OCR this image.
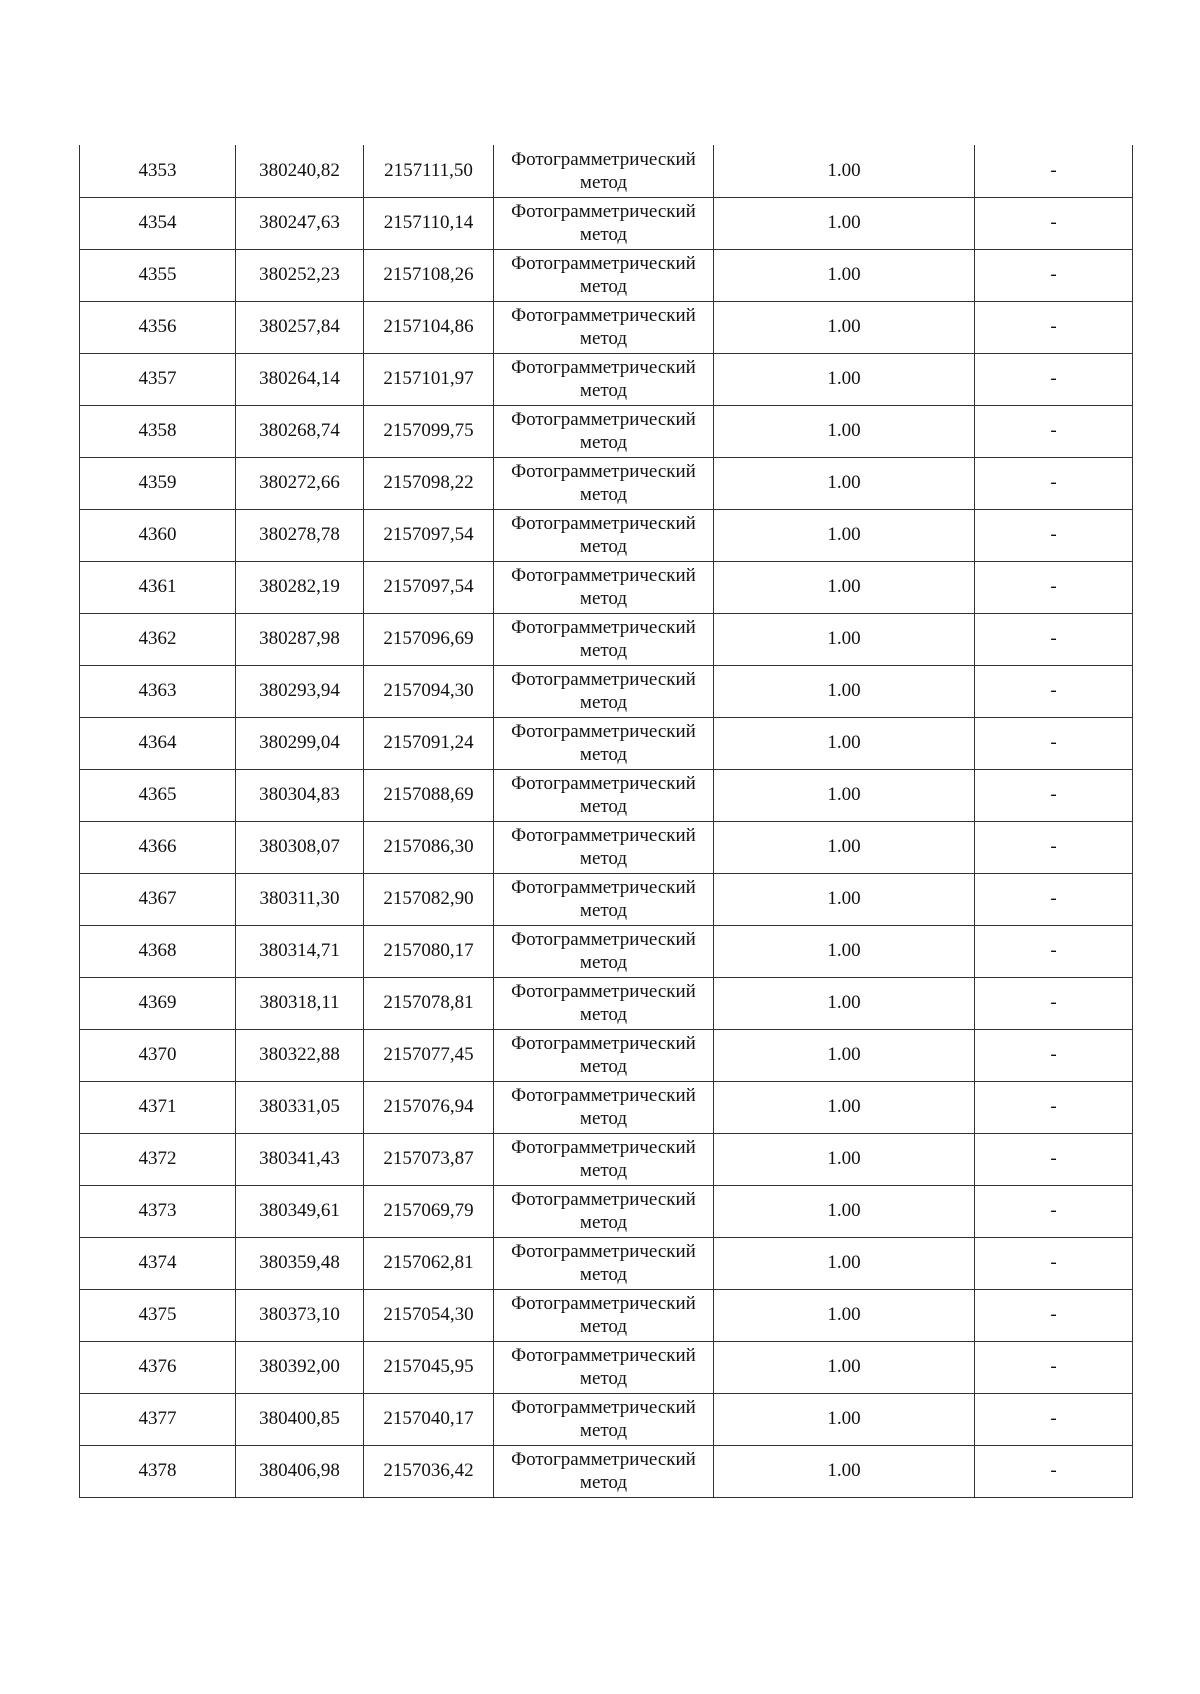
4353	380240,82	2157111,50	Фотограмметрический
метод	1.00	-
4354	380247,63	2157110,14	Фотограмметрический
метод	1.00	-
4355	380252,23	2157108,26	Фотограмметрический
метод	1.00	-
4356	380257,84	2157104,86	Фотограмметрический
метод	1.00	-
4357	380264,14	2157101,97	Фотограмметрический
метод	1.00	-
4358	380268,74	2157099,75	Фотограмметрический
метод	1.00	-
4359	380272,66	2157098,22	Фотограмметрический
метод	1.00	-
4360	380278,78	2157097,54	Фотограмметрический
метод	1.00	-
4361	380282,19	2157097,54	Фотограмметрический
метод	1.00	-
4362	380287,98	2157096,69	Фотограмметрический
метод	1.00	-
4363	380293,94	2157094,30	Фотограмметрический
метод	1.00	-
4364	380299,04	2157091,24	Фотограмметрический
метод	1.00	-
4365	380304,83	2157088,69	Фотограмметрический
метод	1.00	-
4366	380308,07	2157086,30	Фотограмметрический
метод	1.00	-
4367	380311,30	2157082,90	Фотограмметрический
метод	1.00	-
4368	380314,71	2157080,17	Фотограмметрический
метод	1.00	-
4369	380318,11	2157078,81	Фотограмметрический
метод	1.00	-
4370	380322,88	2157077,45	Фотограмметрический
метод	1.00	-
4371	380331,05	2157076,94	Фотограмметрический
метод	1.00	-
4372	380341,43	2157073,87	Фотограмметрический
метод	1.00	-
4373	380349,61	2157069,79	Фотограмметрический
метод	1.00	-
4374	380359,48	2157062,81	Фотограмметрический
метод	1.00	-
4375	380373,10	2157054,30	Фотограмметрический
метод	1.00	-
4376	380392,00	2157045,95	Фотограмметрический
метод	1.00	-
4377	380400,85	2157040,17	Фотограмметрический
метод	1.00	-
4378	380406,98	2157036,42	Фотограмметрический
метод	1.00	-
